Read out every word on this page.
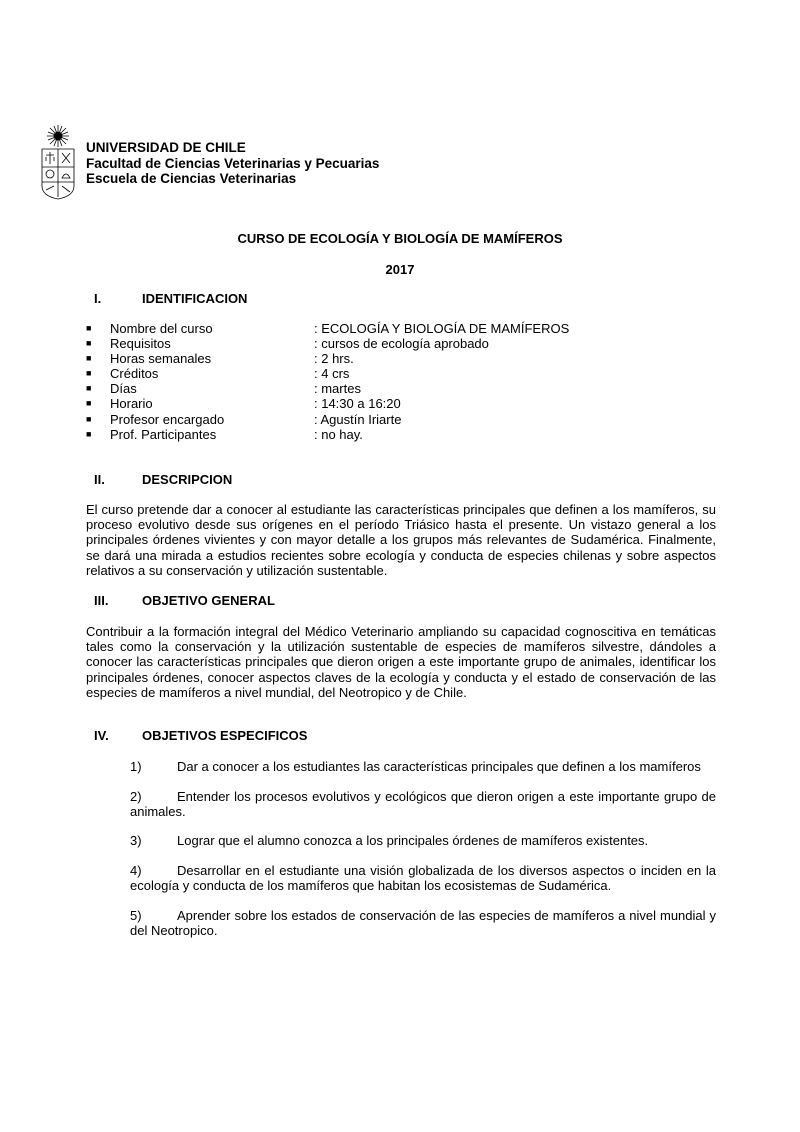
UNIVERSIDAD DE CHILE
Facultad de Ciencias Veterinarias y Pecuarias
Escuela de Ciencias Veterinarias
CURSO DE ECOLOGÍA Y BIOLOGÍA DE MAMÍFEROS
2017
I.	IDENTIFICACION
■ Nombre del curso	: ECOLOGÍA Y BIOLOGÍA DE MAMÍFEROS
■ Requisitos	: cursos de ecología aprobado
■ Horas semanales	: 2 hrs.
■ Créditos	: 4 crs
■ Días	: martes
■ Horario	: 14:30 a 16:20
■ Profesor encargado	: Agustín Iriarte
■ Prof. Participantes	: no hay.
II.	DESCRIPCION
El curso pretende dar a conocer al estudiante las características principales que definen a los mamíferos, su proceso evolutivo desde sus orígenes en el período Triásico hasta el presente. Un vistazo general a los principales órdenes vivientes y con mayor detalle a los grupos más relevantes de Sudamérica. Finalmente, se dará una mirada a estudios recientes sobre ecología y conducta de especies chilenas y sobre aspectos relativos a su conservación y utilización sustentable.
III.	OBJETIVO GENERAL
Contribuir a la formación integral del Médico Veterinario ampliando su capacidad cognoscitiva en temáticas tales como la conservación y la utilización sustentable de especies de mamíferos silvestre, dándoles a conocer las características principales que dieron origen a este importante grupo de animales, identificar los principales órdenes, conocer aspectos claves de la ecología y conducta y el estado de conservación de las especies de mamíferos a nivel mundial, del Neotropico y de Chile.
IV.	OBJETIVOS ESPECIFICOS
1)	Dar a conocer a los estudiantes las características principales que definen a los mamíferos
2)	Entender los procesos evolutivos y ecológicos que dieron origen a este importante grupo de animales.
3)	Lograr que el alumno conozca a los principales órdenes de mamíferos existentes.
4)	Desarrollar en el estudiante una visión globalizada de los diversos aspectos o inciden en la ecología y conducta de los mamíferos que habitan los ecosistemas de Sudamérica.
5)	Aprender sobre los estados de conservación de las especies de mamíferos a nivel mundial y del Neotropico.
